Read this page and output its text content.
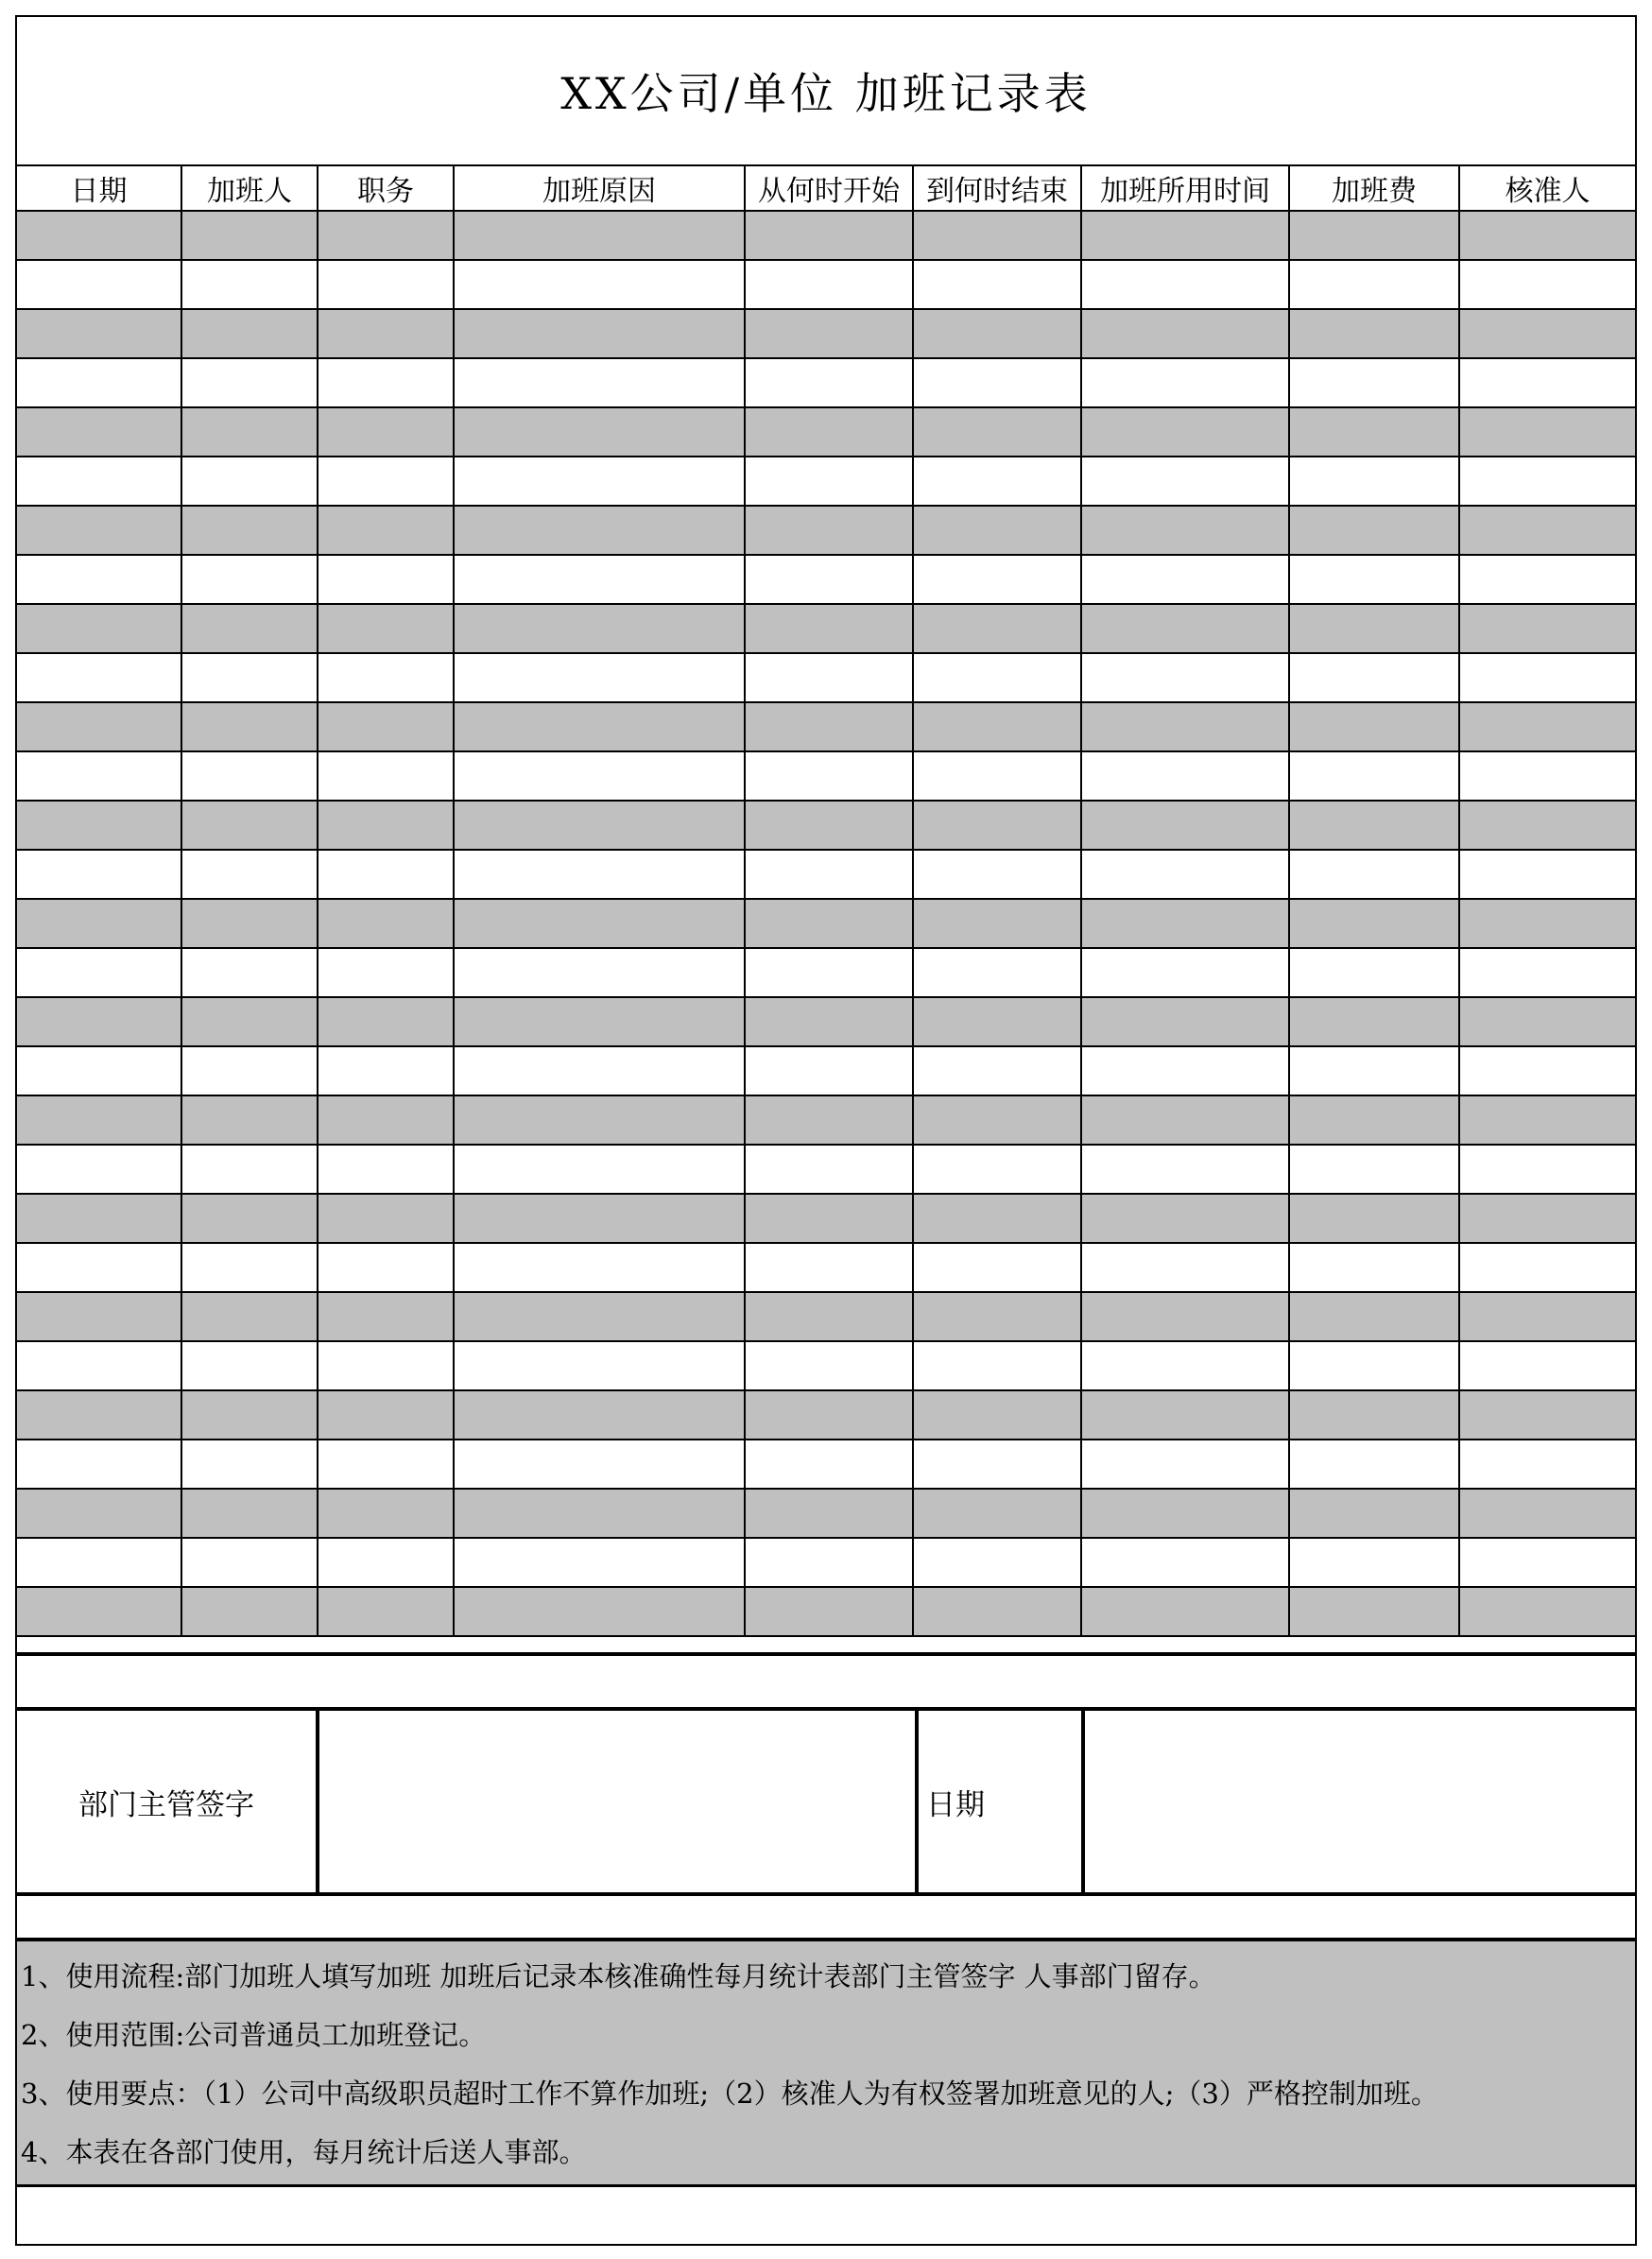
XX公司/单位 加班记录表
日期	加班人	职务	加班原因	从何时开始	到何时结束	加班所用时间	加班费	核准人

部门主管签字	日期
1、使用流程:部门加班人填写加班 加班后记录本核准确性每月统计表部门主管签字 人事部门留存。
2、使用范围:公司普通员工加班登记。
3、使用要点：（1）公司中高级职员超时工作不算作加班;（2）核准人为有权签署加班意见的人;（3）严格控制加班。
4、本表在各部门使用，每月统计后送人事部。
